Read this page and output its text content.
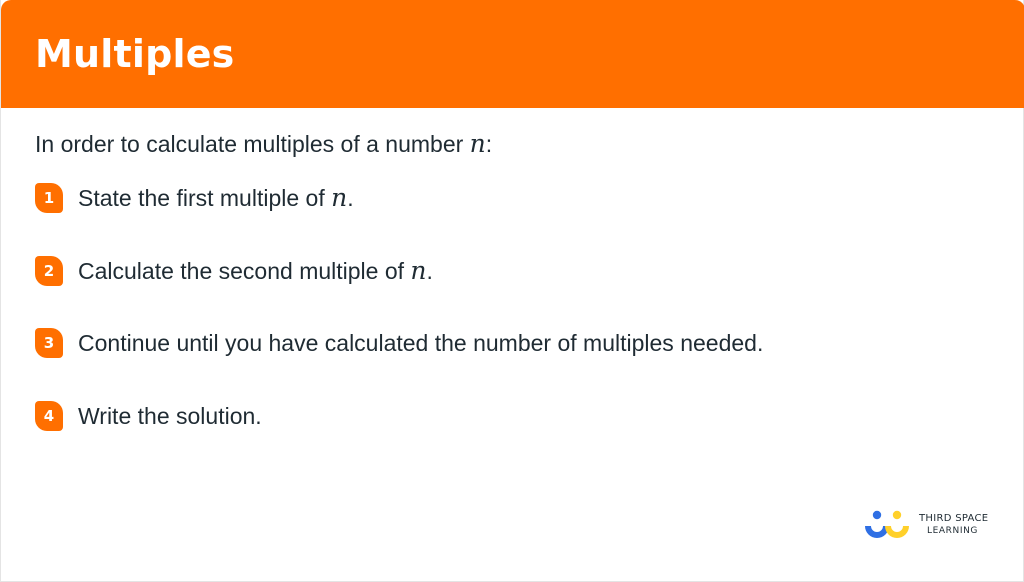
Multiples
In order to calculate multiples of a number n:
1	State the first multiple of n.
2	Calculate the second multiple of n.
3	Continue until you have calculated the number of multiples needed.
4	Write the solution.
THIRD SPACE
LEARNING
